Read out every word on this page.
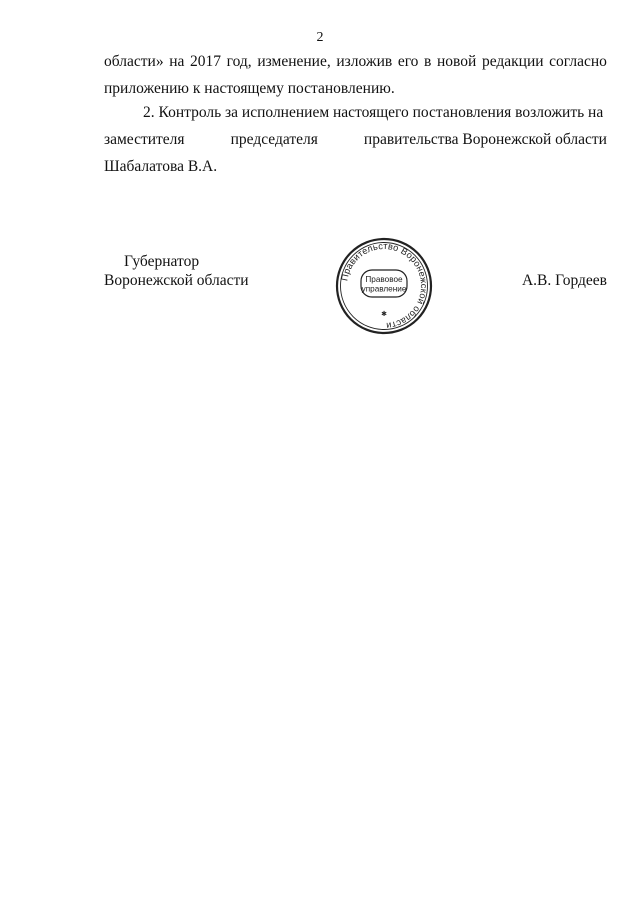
2
области» на 2017 год, изменение, изложив его в новой редакции согласно
приложению к настоящему постановлению.
2. Контроль за исполнением настоящего постановления возложить на
заместителя	председателя	правительства Воронежской области
Шабалатова В.А.
Губернатор
Воронежской области	А.В. Гордеев
Правительство Воронежской области
Правовое
управление
✱
